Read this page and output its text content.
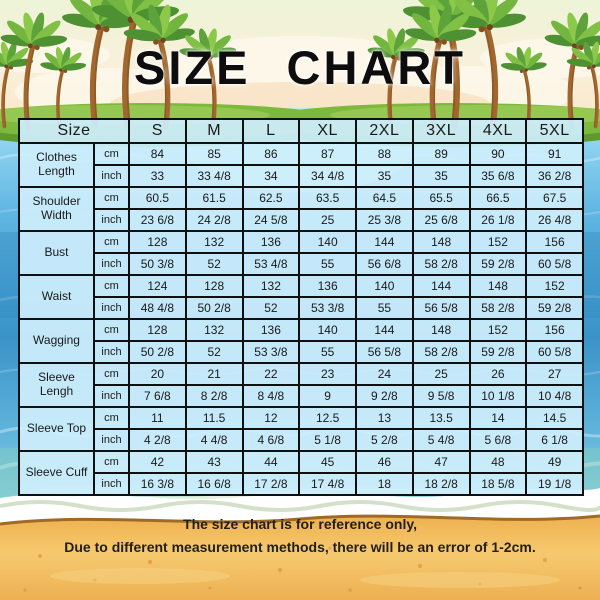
SIZE CHART
Size		S	M	L	XL	2XL	3XL	4XL	5XL
Clothes Length	cm	84	85	86	87	88	89	90	91
	inch	33	33 4/8	34	34 4/8	35	35	35 6/8	36 2/8
Shoulder Width	cm	60.5	61.5	62.5	63.5	64.5	65.5	66.5	67.5
	inch	23 6/8	24 2/8	24 5/8	25	25 3/8	25 6/8	26 1/8	26 4/8
Bust	cm	128	132	136	140	144	148	152	156
	inch	50 3/8	52	53 4/8	55	56 6/8	58 2/8	59 2/8	60 5/8
Waist	cm	124	128	132	136	140	144	148	152
	inch	48 4/8	50 2/8	52	53 3/8	55	56 5/8	58 2/8	59 2/8
Wagging	cm	128	132	136	140	144	148	152	156
	inch	50 2/8	52	53 3/8	55	56 5/8	58 2/8	59 2/8	60 5/8
Sleeve Lengh	cm	20	21	22	23	24	25	26	27
	inch	7 6/8	8 2/8	8 4/8	9	9 2/8	9 5/8	10 1/8	10 4/8
Sleeve Top	cm	11	11.5	12	12.5	13	13.5	14	14.5
	inch	4 2/8	4 4/8	4 6/8	5 1/8	5 2/8	5 4/8	5 6/8	6 1/8
Sleeve Cuff	cm	42	43	44	45	46	47	48	49
	inch	16 3/8	16 6/8	17 2/8	17 4/8	18	18 2/8	18 5/8	19 1/8
The size chart is for reference only,
Due to different measurement methods, there will be an error of 1-2cm.
